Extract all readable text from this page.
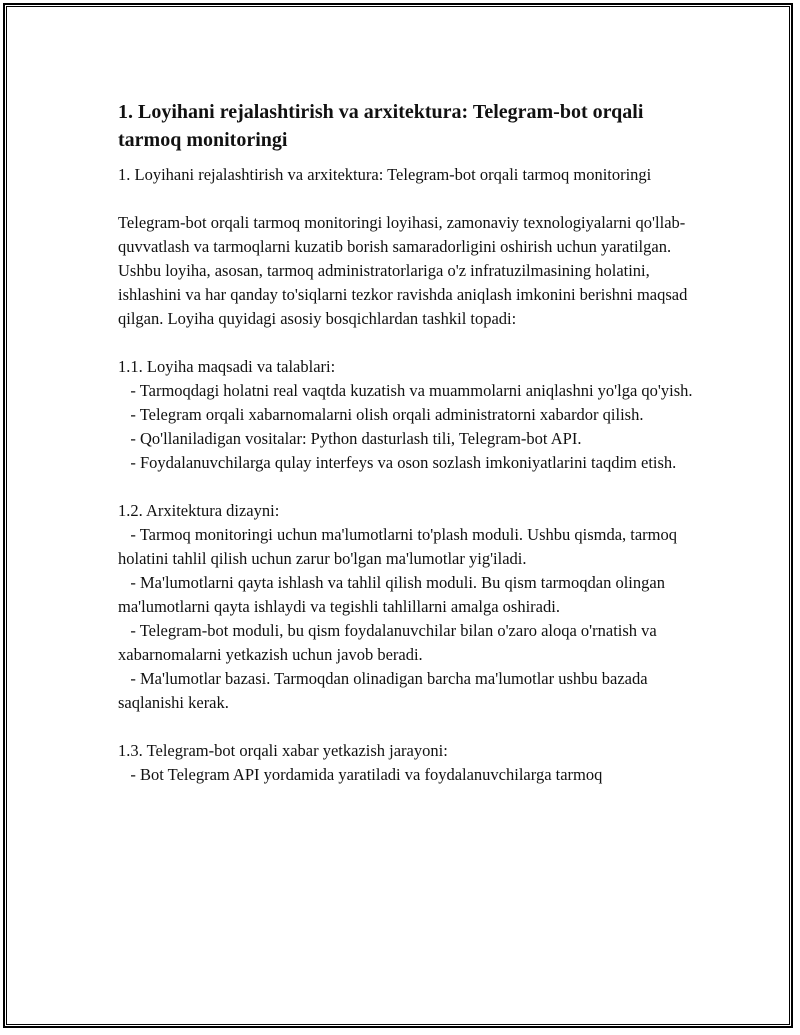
1. Loyihani rejalashtirish va arxitektura: Telegram-bot orqali tarmoq monitoringi

1. Loyihani rejalashtirish va arxitektura: Telegram-bot orqali tarmoq monitoringi

Telegram-bot orqali tarmoq monitoringi loyihasi, zamonaviy texnologiyalarni qo'llab-quvvatlash va tarmoqlarni kuzatib borish samaradorligini oshirish uchun yaratilgan. Ushbu loyiha, asosan, tarmoq administratorlariga o'z infratuzilmasining holatini, ishlashini va har qanday to'siqlarni tezkor ravishda aniqlash imkonini berishni maqsad qilgan. Loyiha quyidagi asosiy bosqichlardan tashkil topadi:

1.1. Loyiha maqsadi va talablari:

- Tarmoqdagi holatni real vaqtda kuzatish va muammolarni aniqlashni yo'lga qo'yish.

- Telegram orqali xabarnomalarni olish orqali administratorni xabardor qilish.

- Qo'llaniladigan vositalar: Python dasturlash tili, Telegram-bot API.

- Foydalanuvchilarga qulay interfeys va oson sozlash imkoniyatlarini taqdim etish.

1.2. Arxitektura dizayni:

- Tarmoq monitoringi uchun ma'lumotlarni to'plash moduli. Ushbu qismda, tarmoq holatini tahlil qilish uchun zarur bo'lgan ma'lumotlar yig'iladi.

- Ma'lumotlarni qayta ishlash va tahlil qilish moduli. Bu qism tarmoqdan olingan ma'lumotlarni qayta ishlaydi va tegishli tahlillarni amalga oshiradi.

- Telegram-bot moduli, bu qism foydalanuvchilar bilan o'zaro aloqa o'rnatish va xabarnomalarni yetkazish uchun javob beradi.

- Ma'lumotlar bazasi. Tarmoqdan olinadigan barcha ma'lumotlar ushbu bazada saqlanishi kerak.

1.3. Telegram-bot orqali xabar yetkazish jarayoni:

- Bot Telegram API yordamida yaratiladi va foydalanuvchilarga tarmoq
